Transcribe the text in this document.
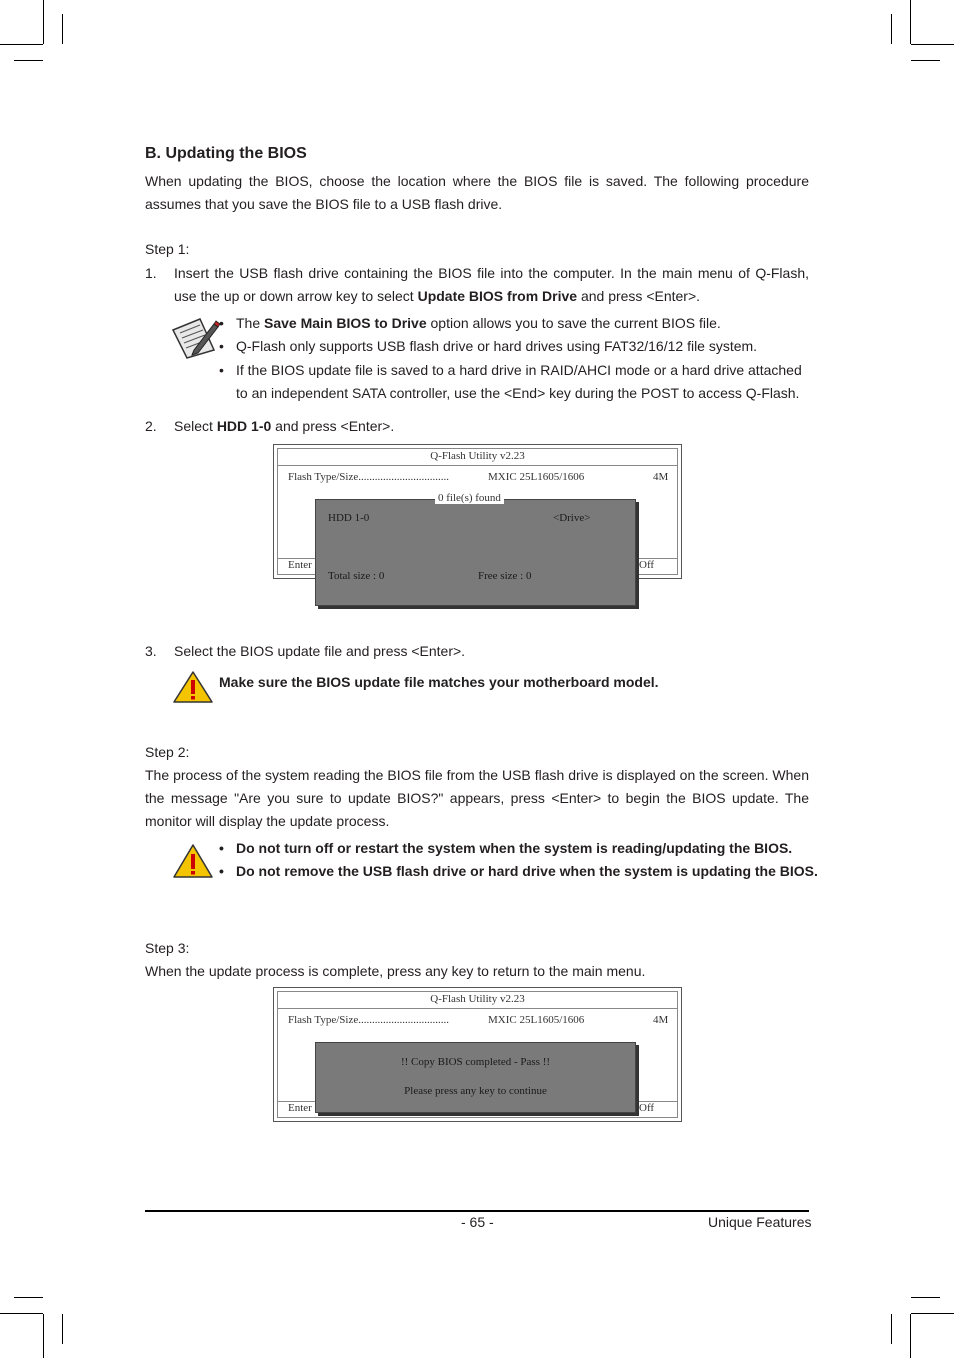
B. Updating the BIOS
When updating the BIOS, choose the location where the BIOS file is saved. The following procedure assumes that you save the BIOS file to a USB flash drive.
Step 1:
1. Insert the USB flash drive containing the BIOS file into the computer. In the main menu of Q-Flash, use the up or down arrow key to select Update BIOS from Drive and press <Enter>.
• The Save Main BIOS to Drive option allows you to save the current BIOS file.
• Q-Flash only supports USB flash drive or hard drives using FAT32/16/12 file system.
• If the BIOS update file is saved to a hard drive in RAID/AHCI mode or a hard drive attached to an independent SATA controller, use the <End> key during the POST to access Q-Flash.
2. Select HDD 1-0 and press <Enter>.
Q-Flash Utility v2.23
Flash Type/Size.................................	MXIC 25L1605/1606	4M
Enter	Off
HDD 1-0	<Drive>
Total size : 0	Free size : 0
0 file(s) found
3. Select the BIOS update file and press <Enter>.
Make sure the BIOS update file matches your motherboard model.
Step 2:
The process of the system reading the BIOS file from the USB flash drive is displayed on the screen. When the message "Are you sure to update BIOS?" appears, press <Enter> to begin the BIOS update. The monitor will display the update process.
• Do not turn off or restart the system when the system is reading/updating the BIOS.
• Do not remove the USB flash drive or hard drive when the system is updating the BIOS.
Step 3:
When the update process is complete, press any key to return to the main menu.
Q-Flash Utility v2.23
Flash Type/Size.................................	MXIC 25L1605/1606	4M
Enter	Off
!! Copy BIOS completed - Pass !!
Please press any key to continue
- 65 -	Unique Features
